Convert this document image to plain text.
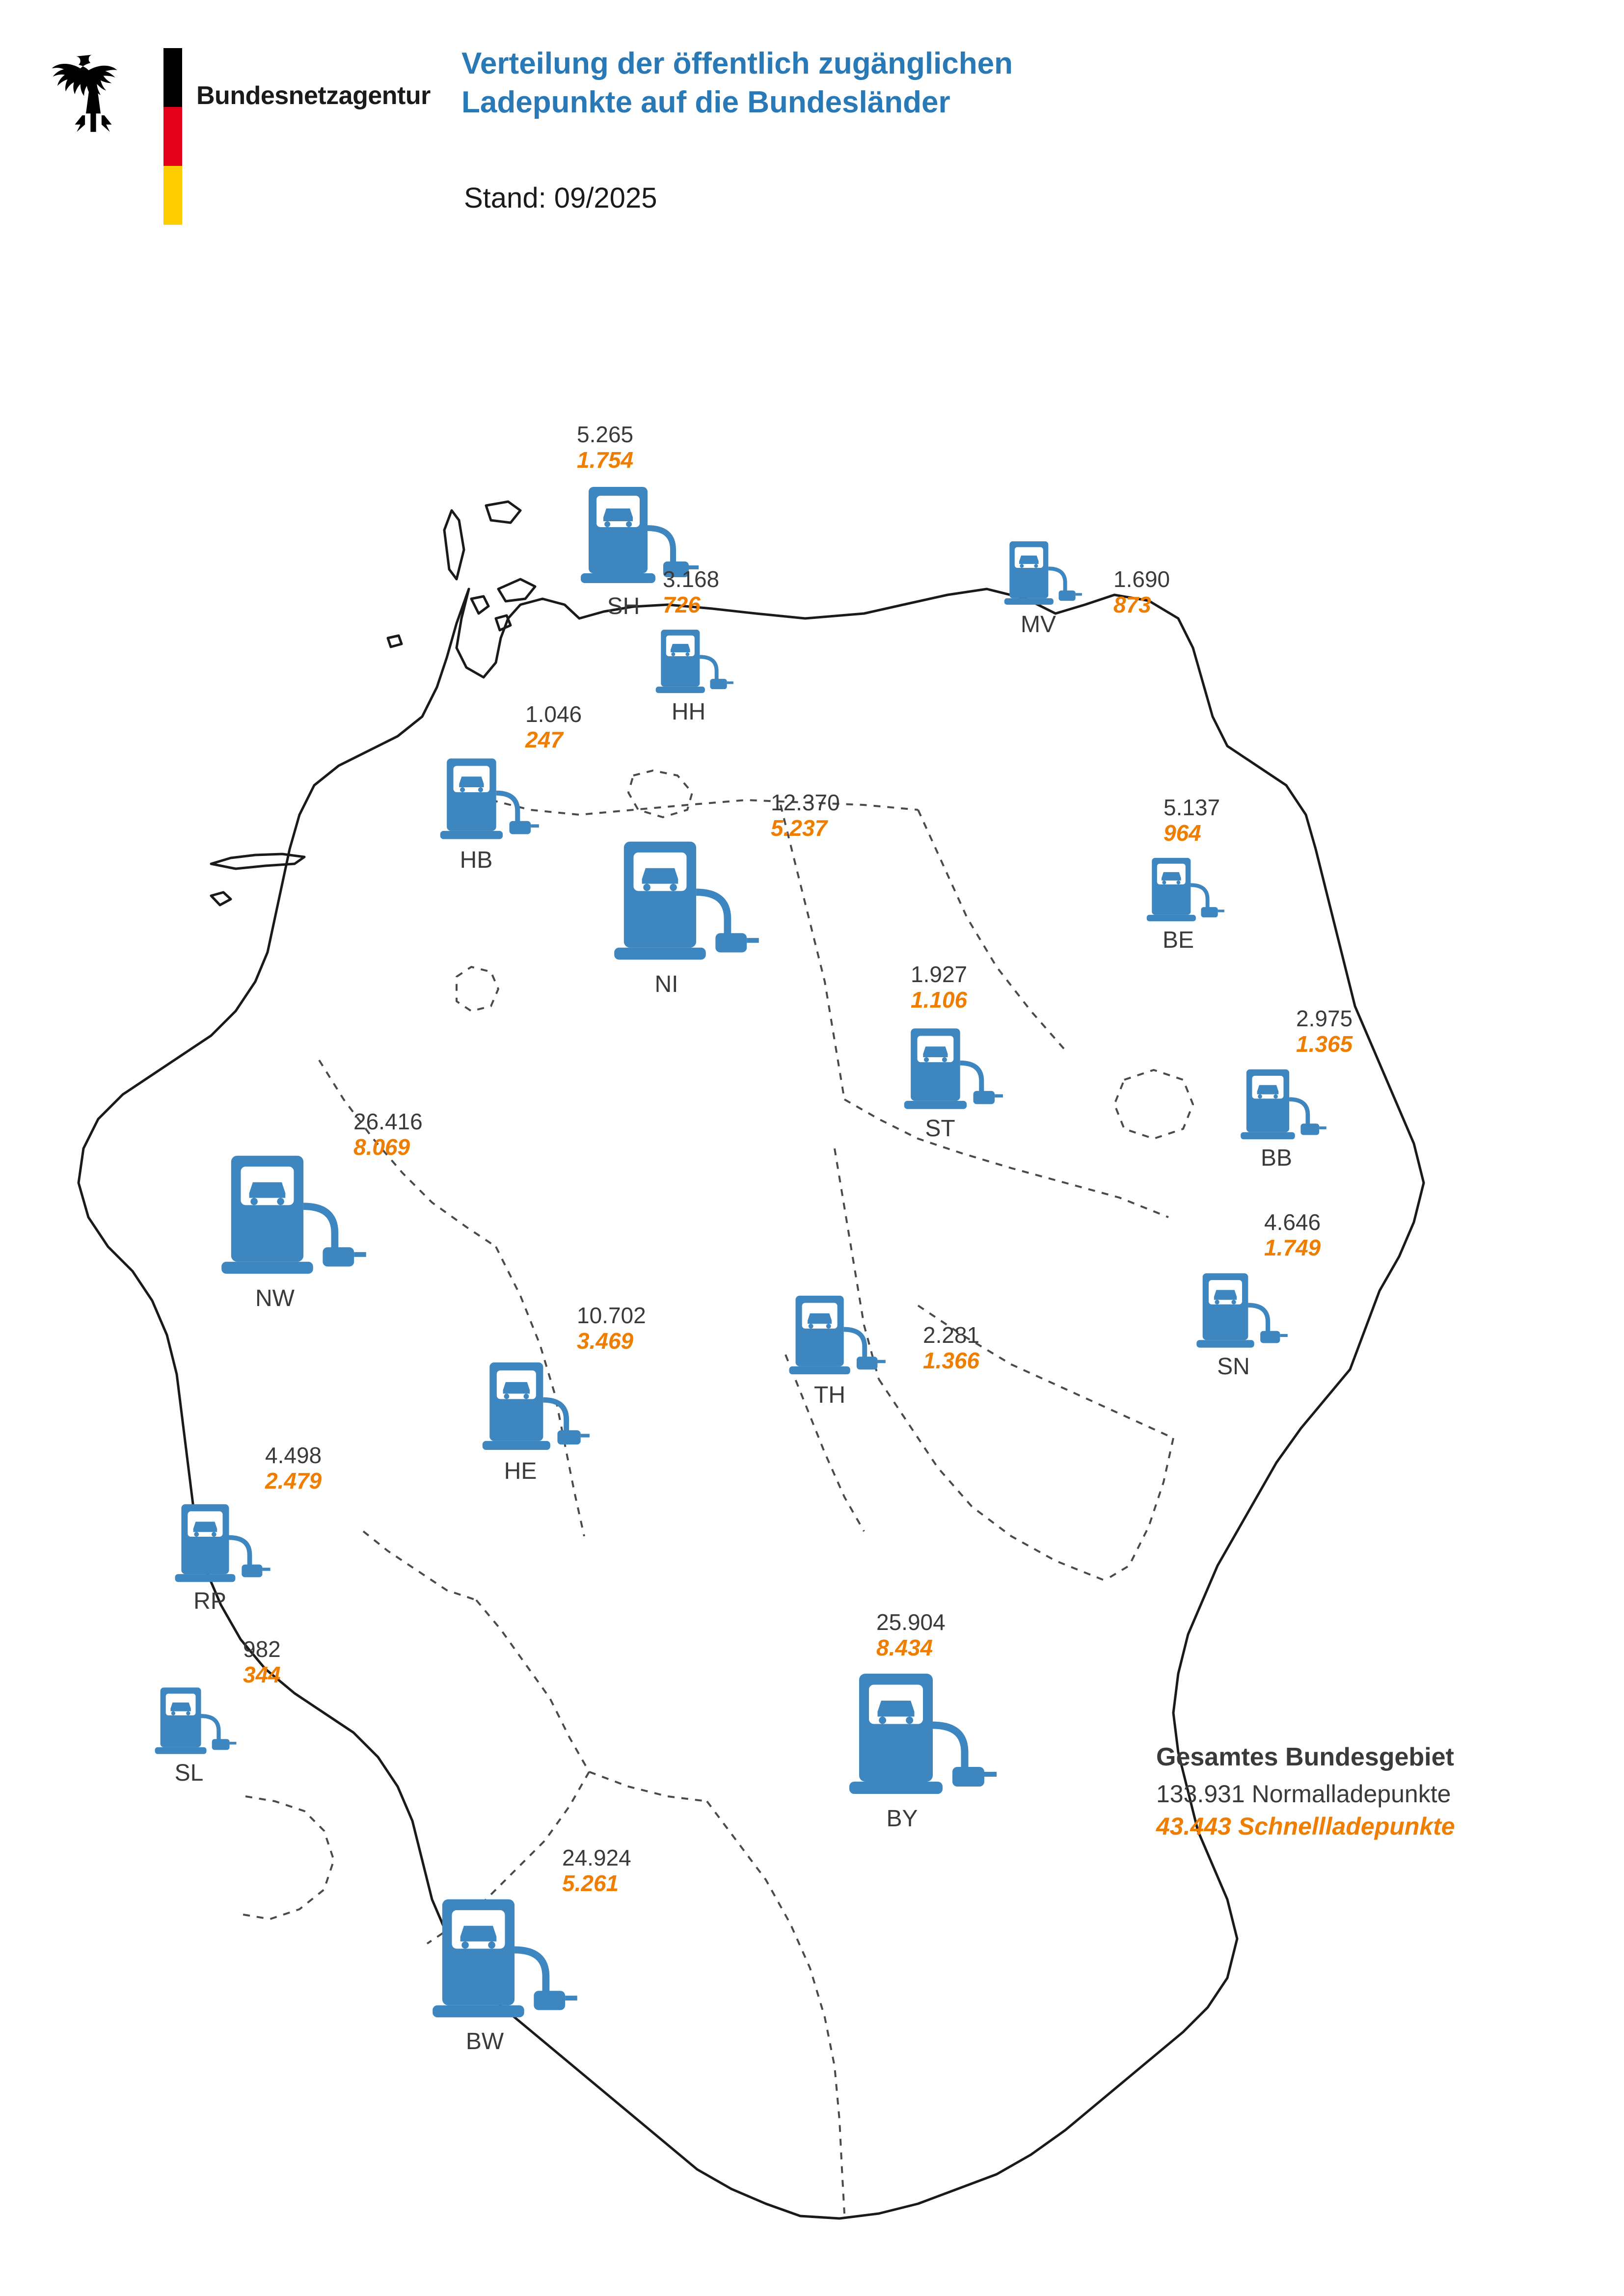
Bundesnetzagentur
Verteilung der öffentlich zugänglichen
Ladepunkte auf die Bundesländer
Stand: 09/2025
5.265
1.754
SH
3.168
726
HH
1.690
873
MV
1.046
247
HB
12.370
5.237
NI
5.137
964
BE
1.927
1.106
ST
2.975
1.365
BB
26.416
8.069
NW
10.702
3.469
HE
2.281
1.366
TH
4.646
1.749
SN
4.498
2.479
RP
982
344
SL
25.904
8.434
BY
24.924
5.261
BW
Gesamtes Bundesgebiet
133.931 Normalladepunkte
43.443 Schnellladepunkte
